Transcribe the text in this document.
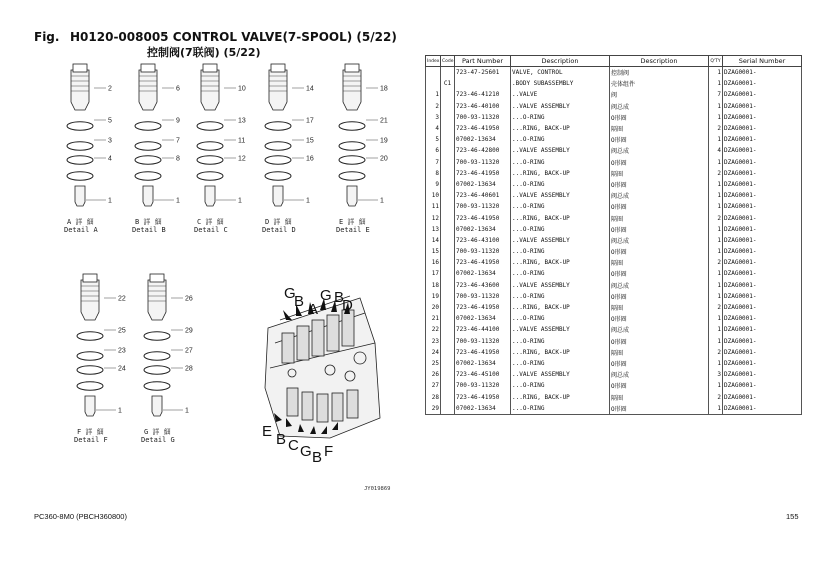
Fig. H0120-008005 CONTROL VALVE(7-SPOOL) (5/22)
控制阀(7联阀) (5/22)
2
5
3
4
1
A 詳 細
Detail A
6
9
7
8
1
B 詳 細
Detail B
10
13
11
12
1
C 詳 細
Detail C
14
17
15
16
1
D 詳 細
Detail D
18
21
19
20
1
E 詳 細
Detail E
22
25
23
24
1
F 詳 細
Detail F
26
29
27
28
1
G 詳 細
Detail G
G
B A
G B
D
E B C G B F
JY019869
Index	Code	Part Number	Description	Description	Q'TY	Serial Number
		723-47-25601	VALVE, CONTROL	控制阀	1	DZAG0001-
	C1		.BODY SUBASSEMBLY	壳体组件	1	DZAG0001-
1		723-46-41210	..VALVE	阀	7	DZAG0001-
2		723-46-40100	..VALVE ASSEMBLY	阀总成	1	DZAG0001-
3		700-93-11320	...O-RING	O形圈	1	DZAG0001-
4		723-46-41950	...RING, BACK-UP	隔圈	2	DZAG0001-
5		07002-13634	...O-RING	O形圈	1	DZAG0001-
6		723-46-42800	..VALVE ASSEMBLY	阀总成	4	DZAG0001-
7		700-93-11320	...O-RING	O形圈	1	DZAG0001-
8		723-46-41950	...RING, BACK-UP	隔圈	2	DZAG0001-
9		07002-13634	...O-RING	O形圈	1	DZAG0001-
10		723-46-40601	..VALVE ASSEMBLY	阀总成	1	DZAG0001-
11		700-93-11320	...O-RING	O形圈	1	DZAG0001-
12		723-46-41950	...RING, BACK-UP	隔圈	2	DZAG0001-
13		07002-13634	...O-RING	O形圈	1	DZAG0001-
14		723-46-43100	..VALVE ASSEMBLY	阀总成	1	DZAG0001-
15		700-93-11320	...O-RING	O形圈	1	DZAG0001-
16		723-46-41950	...RING, BACK-UP	隔圈	2	DZAG0001-
17		07002-13634	...O-RING	O形圈	1	DZAG0001-
18		723-46-43600	..VALVE ASSEMBLY	阀总成	1	DZAG0001-
19		700-93-11320	...O-RING	O形圈	1	DZAG0001-
20		723-46-41950	...RING, BACK-UP	隔圈	2	DZAG0001-
21		07002-13634	...O-RING	O形圈	1	DZAG0001-
22		723-46-44100	..VALVE ASSEMBLY	阀总成	1	DZAG0001-
23		700-93-11320	...O-RING	O形圈	1	DZAG0001-
24		723-46-41950	...RING, BACK-UP	隔圈	2	DZAG0001-
25		07002-13634	...O-RING	O形圈	1	DZAG0001-
26		723-46-45100	..VALVE ASSEMBLY	阀总成	3	DZAG0001-
27		700-93-11320	...O-RING	O形圈	1	DZAG0001-
28		723-46-41950	...RING, BACK-UP	隔圈	2	DZAG0001-
29		07002-13634	...O-RING	O形圈	1	DZAG0001-
PC360-8M0 (PBCH360800)	155
